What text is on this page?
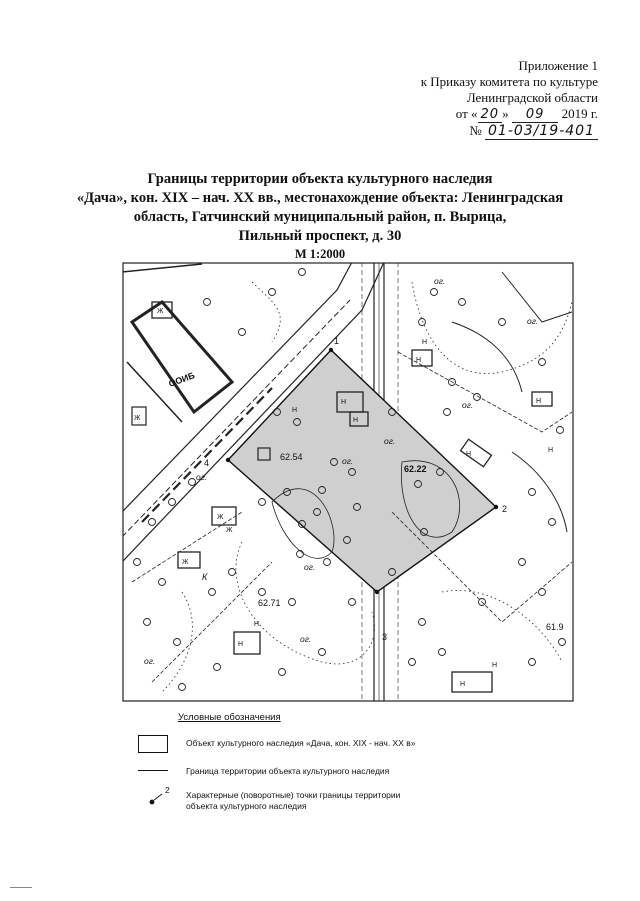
Приложение 1
к Приказу комитета по культуре
Ленинградской области
от « 20 » 09 2019 г.
№ 01-03/19-401
Границы территории объекта культурного наследия
«Дача», кон. XIX – нач. XX вв., местонахождение объекта: Ленинградская
область, Гатчинский муниципальный район, п. Вырица,
Пильный проспект, д. 30
М 1:2000
1
2
3
4
62.54
62.22
62.71
61.9
ог.
ог.
ог.
ог.
ог.
ог.
ог.
ог.
ог.
Н
Н
Ж
Ж
Н
Н
Н
Ж
Н
Н
Ж
Н
Ж
Н
Н
Н
Н
К
ООИБ
Условные обозначения
Объект культурного наследия «Дача, кон. XIX - нач. XX в»
Граница территории объекта культурного наследия
2 Характерные (поворотные) точки границы территории
объекта культурного наследия
